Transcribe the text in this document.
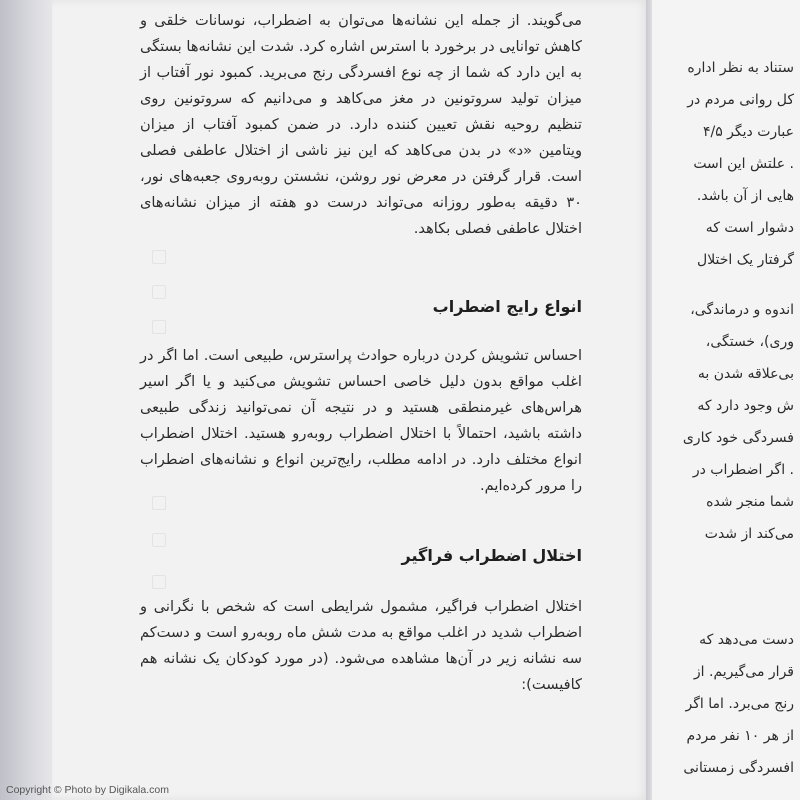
ستناد به نظر اداره
کل روانی مردم در
عبارت دیگر ۴/۵
. علتش این است
هایی از آن باشد.
دشوار است که
گرفتار یک اختلال
اندوه و درماندگی،
وری)، خستگی،
بی‌علاقه شدن به
ش وجود دارد که
فسردگی خود کاری
. اگر اضطراب در
شما منجر شده
می‌کند از شدت
دست می‌دهد که
قرار می‌گیریم. از
رنج می‌برد. اما اگر
از هر ۱۰ نفر مردم
افسردگی زمستانی
می‌گویند. از جمله این نشانه‌ها می‌توان به اضطراب، نوسانات خلقی و کاهش توانایی در برخورد با استرس اشاره کرد. شدت این نشانه‌ها بستگی به این دارد که شما از چه نوع افسردگی رنج می‌برید. کمبود نور آفتاب از میزان تولید سروتونین در مغز می‌کاهد و می‌دانیم که سروتونین روی تنظیم روحیه نقش تعیین کننده دارد. در ضمن کمبود آفتاب از میزان ویتامین «د» در بدن می‌کاهد که این نیز ناشی از اختلال عاطفی فصلی است. قرار گرفتن در معرض نور روشن، نشستن روبه‌روی جعبه‌های نور، ۳۰ دقیقه به‌طور روزانه می‌تواند درست دو هفته از میزان نشانه‌های اختلال عاطفی فصلی بکاهد.
انواع رایج اضطراب
احساس تشویش کردن درباره حوادث پراسترس، طبیعی است. اما اگر در اغلب مواقع بدون دلیل خاصی احساس تشویش می‌کنید و یا اگر اسیر هراس‌های غیرمنطقی هستید و در نتیجه آن نمی‌توانید زندگی طبیعی داشته باشید، احتمالاً با اختلال اضطراب روبه‌رو هستید. اختلال اضطراب انواع مختلف دارد. در ادامه مطلب، رایج‌ترین انواع و نشانه‌های اضطراب را مرور کرده‌ایم.
اختلال اضطراب فراگیر
اختلال اضطراب فراگیر، مشمول شرایطی است که شخص با نگرانی و اضطراب شدید در اغلب مواقع به مدت شش ماه روبه‌رو است و دست‌کم سه نشانه زیر در آن‌ها مشاهده می‌شود. (در مورد کودکان یک نشانه هم کافیست):
Copyright © Photo by Digikala.com
